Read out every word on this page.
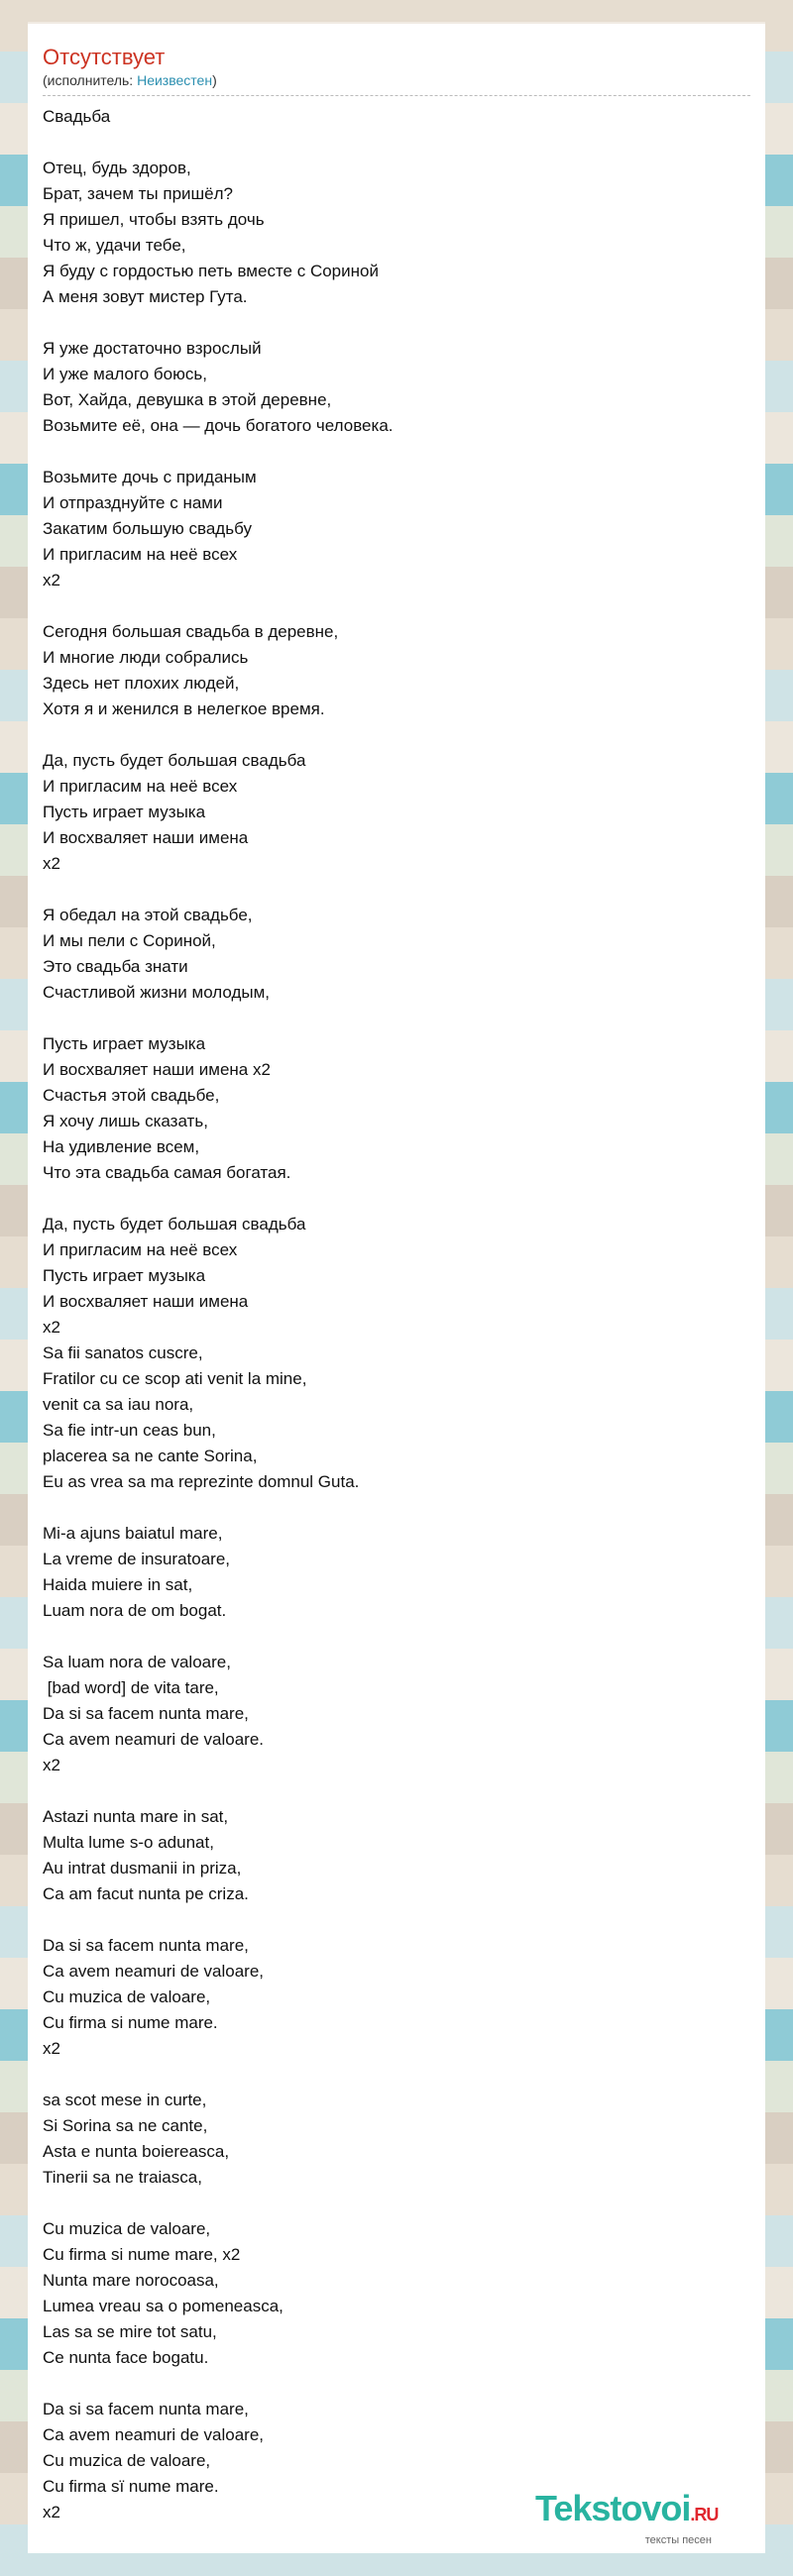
Отсутствует
(исполнитель: Неизвестен)
Свадьба
Отец, будь здоров,
Брат, зачем ты пришёл?
Я пришел, чтобы взять дочь
Что ж, удачи тебе,
Я буду с гордостью петь вместе с Сориной
А меня зовут мистер Гута.
Я уже достаточно взрослый
И уже малого боюсь,
Вот, Хайда, девушка в этой деревне,
Возьмите её, она — дочь богатого человека.
Возьмите дочь с приданым
И отпразднуйте с нами
Закатим большую свадьбу
И пригласим на неё всех
x2
Сегодня большая свадьба в деревне,
И многие люди собрались
Здесь нет плохих людей,
Хотя я и женился в нелегкое время.
Да, пусть будет большая свадьба
И пригласим на неё всех
Пусть играет музыка
И восхваляет наши имена
x2
Я обедал на этой свадьбе,
И мы пели с Сориной,
Это свадьба знати
Счастливой жизни молодым,
Пусть играет музыка
И восхваляет наши имена x2
Счастья этой свадьбе,
Я хочу лишь сказать,
На удивление всем,
Что эта свадьба самая богатая.
Да, пусть будет большая свадьба
И пригласим на неё всех
Пусть играет музыка
И восхваляет наши имена
x2
Sa fii sanatos cuscre,
Fratilor cu ce scop ati venit la mine,
venit ca sa iau nora,
Sa fie intr-un ceas bun,
placerea sa ne cante Sorina,
Eu as vrea sa ma reprezinte domnul Guta.
Mi-a ajuns baiatul mare,
La vreme de insuratoare,
Haida muiere in sat,
Luam nora de om bogat.
Sa luam nora de valoare,
[bad word] de vita tare,
Da si sa facem nunta mare,
Ca avem neamuri de valoare.
x2
Astazi nunta mare in sat,
Multa lume s-o adunat,
Au intrat dusmanii in priza,
Ca am facut nunta pe criza.
Da si sa facem nunta mare,
Ca avem neamuri de valoare,
Cu muzica de valoare,
Cu firma si nume mare.
x2
sa scot mese in curte,
Si Sorina sa ne cante,
Asta e nunta boiereasca,
Tinerii sa ne traiasca,
Cu muzica de valoare,
Cu firma si nume mare, x2
Nunta mare norocoasa,
Lumea vreau sa o pomeneasca,
Las sa se mire tot satu,
Ce nunta face bogatu.
Da si sa facem nunta mare,
Ca avem neamuri de valoare,
Cu muzica de valoare,
Cu firma sï nume mare.
x2	Tekstovoi.RU
тексты песен
